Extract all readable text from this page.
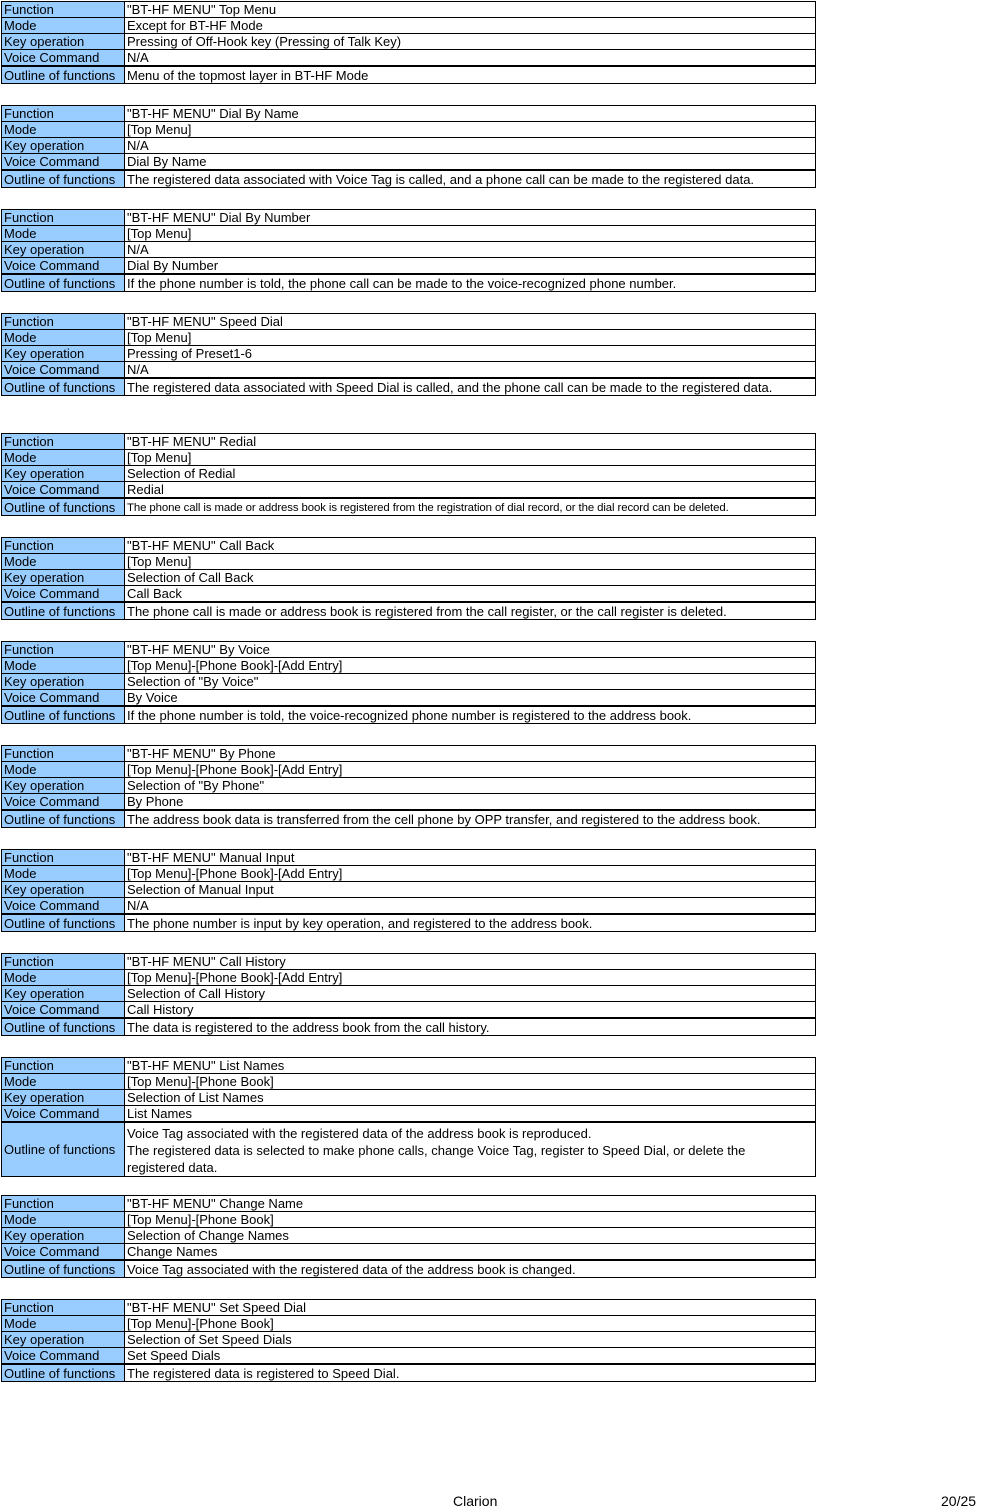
Function	"BT-HF MENU" Top Menu
Mode	Except for BT-HF Mode
Key operation	Pressing of Off-Hook key (Pressing of Talk Key)
Voice Command	N/A
Outline of functions	Menu of the topmost layer in BT-HF Mode
Function	"BT-HF MENU" Dial By Name
Mode	[Top Menu]
Key operation	N/A
Voice Command	Dial By Name
Outline of functions	The registered data associated with Voice Tag is called, and a phone call can be made to the registered data.
Function	"BT-HF MENU" Dial By Number
Mode	[Top Menu]
Key operation	N/A
Voice Command	Dial By Number
Outline of functions	If the phone number is told, the phone call can be made to the voice-recognized phone number.
Function	"BT-HF MENU" Speed Dial
Mode	[Top Menu]
Key operation	Pressing of Preset1-6
Voice Command	N/A
Outline of functions	The registered data associated with Speed Dial is called, and the phone call can be made to the registered data.
Function	"BT-HF MENU" Redial
Mode	[Top Menu]
Key operation	Selection of Redial
Voice Command	Redial
Outline of functions	The phone call is made or address book is registered from the registration of dial record, or the dial record can be deleted.
Function	"BT-HF MENU" Call Back
Mode	[Top Menu]
Key operation	Selection of Call Back
Voice Command	Call Back
Outline of functions	The phone call is made or address book is registered from the call register, or the call register is deleted.
Function	"BT-HF MENU" By Voice
Mode	[Top Menu]-[Phone Book]-[Add Entry]
Key operation	Selection of "By Voice"
Voice Command	By Voice
Outline of functions	If the phone number is told, the voice-recognized phone number is registered to the address book.
Function	"BT-HF MENU" By Phone
Mode	[Top Menu]-[Phone Book]-[Add Entry]
Key operation	Selection of "By Phone"
Voice Command	By Phone
Outline of functions	The address book data is transferred from the cell phone by OPP transfer, and registered to the address book.
Function	"BT-HF MENU" Manual Input
Mode	[Top Menu]-[Phone Book]-[Add Entry]
Key operation	Selection of Manual Input
Voice Command	N/A
Outline of functions	The phone number is input by key operation, and registered to the address book.
Function	"BT-HF MENU" Call History
Mode	[Top Menu]-[Phone Book]-[Add Entry]
Key operation	Selection of Call History
Voice Command	Call History
Outline of functions	The data is registered to the address book from the call history.
Function	"BT-HF MENU" List Names
Mode	[Top Menu]-[Phone Book]
Key operation	Selection of List Names
Voice Command	List Names
Outline of functions	Voice Tag associated with the registered data of the address book is reproduced.
The registered data is selected to make phone calls, change Voice Tag, register to Speed Dial, or delete the
registered data.
Function	"BT-HF MENU" Change Name
Mode	[Top Menu]-[Phone Book]
Key operation	Selection of Change Names
Voice Command	Change Names
Outline of functions	Voice Tag associated with the registered data of the address book is changed.
Function	"BT-HF MENU" Set Speed Dial
Mode	[Top Menu]-[Phone Book]
Key operation	Selection of Set Speed Dials
Voice Command	Set Speed Dials
Outline of functions	The registered data is registered to Speed Dial.
Clarion	20/25
